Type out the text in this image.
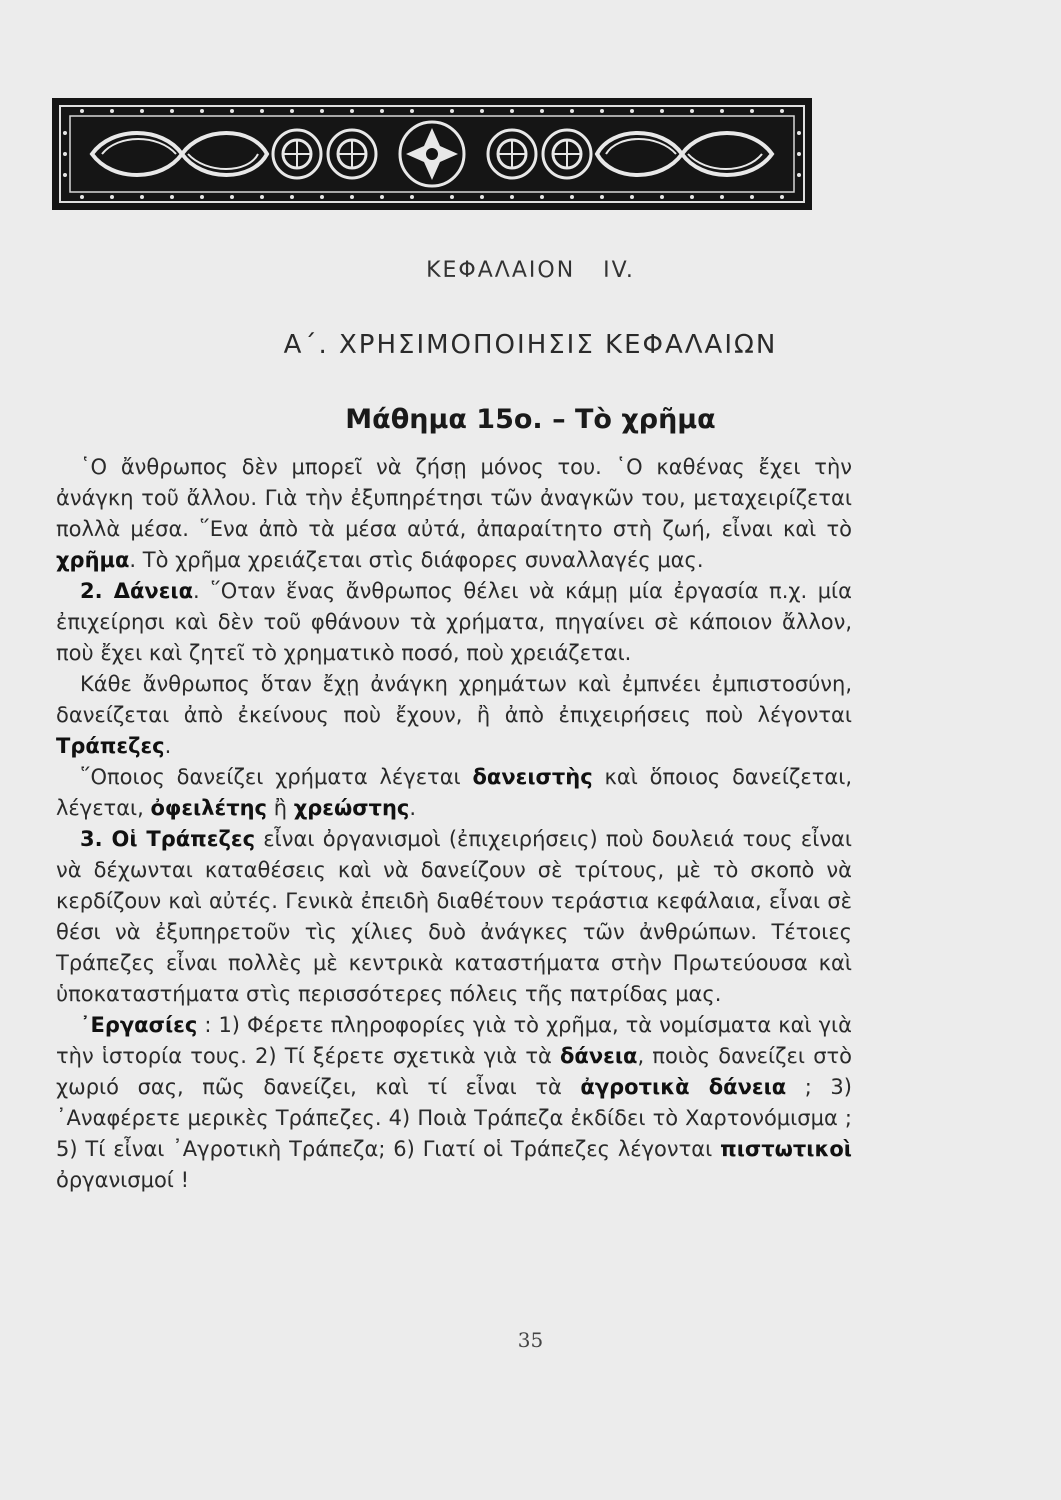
ΚΕΦΑΛΑΙΟΝ ΙV.
Α΄. ΧΡΗΣΙΜΟΠΟΙΗΣΙΣ ΚΕΦΑΛΑΙΩΝ
Μάθημα 15ο. – Τὸ χρῆμα

῾Ο ἄνθρωπος δὲν μπορεῖ νὰ ζήσῃ μόνος του. ῾Ο καθένας ἔχει τὴν ἀνάγκη τοῦ ἄλλου. Γιὰ τὴν ἐξυπηρέτησι τῶν ἀναγκῶν του, μεταχειρίζεται πολλὰ μέσα. ῞Ενα ἀπὸ τὰ μέσα αὐτά, ἀπαραίτητο στὴ ζωή, εἶναι καὶ τὸ χρῆμα. Τὸ χρῆμα χρειάζεται στὶς διάφορες συναλλαγές μας.

2. Δάνεια. ῞Οταν ἕνας ἄνθρωπος θέλει νὰ κάμῃ μία ἐργασία π.χ. μία ἐπιχείρησι καὶ δὲν τοῦ φθάνουν τὰ χρήματα, πηγαίνει σὲ κάποιον ἄλλον, ποὺ ἔχει καὶ ζητεῖ τὸ χρηματικὸ ποσό, ποὺ χρειάζεται.

Κάθε ἄνθρωπος ὅταν ἔχῃ ἀνάγκη χρημάτων καὶ ἐμπνέει ἐμπιστοσύνη, δανείζεται ἀπὸ ἐκείνους ποὺ ἔχουν, ἢ ἀπὸ ἐπιχειρήσεις ποὺ λέγονται Τράπεζες.

῞Οποιος δανείζει χρήματα λέγεται δανειστὴς καὶ ὅποιος δανείζεται, λέγεται, ὀφειλέτης ἢ χρεώστης.

3. Οἱ Τράπεζες εἶναι ὀργανισμοὶ (ἐπιχειρήσεις) ποὺ δουλειά τους εἶναι νὰ δέχωνται καταθέσεις καὶ νὰ δανείζουν σὲ τρίτους, μὲ τὸ σκοπὸ νὰ κερδίζουν καὶ αὐτές. Γενικὰ ἐπειδὴ διαθέτουν τεράστια κεφάλαια, εἶναι σὲ θέσι νὰ ἐξυπηρετοῦν τὶς χίλιες δυὸ ἀνάγκες τῶν ἀνθρώπων. Τέτοιες Τράπεζες εἶναι πολλὲς μὲ κεντρικὰ καταστήματα στὴν Πρωτεύουσα καὶ ὑποκαταστήματα στὶς περισσότερες πόλεις τῆς πατρίδας μας.

᾿Εργασίες : 1) Φέρετε πληροφορίες γιὰ τὸ χρῆμα, τὰ νομίσματα καὶ γιὰ τὴν ἱστορία τους. 2) Τί ξέρετε σχετικὰ γιὰ τὰ δάνεια, ποιὸς δανείζει στὸ χωριό σας, πῶς δανείζει, καὶ τί εἶναι τὰ ἀγροτικὰ δάνεια ; 3) ᾿Αναφέρετε μερικὲς Τράπεζες. 4) Ποιὰ Τράπεζα ἐκδίδει τὸ Χαρτονόμισμα ; 5) Τί εἶναι ᾿Αγροτικὴ Τράπεζα; 6) Γιατί οἱ Τράπεζες λέγονται πιστωτικοὶ ὀργανισμοί !

35
